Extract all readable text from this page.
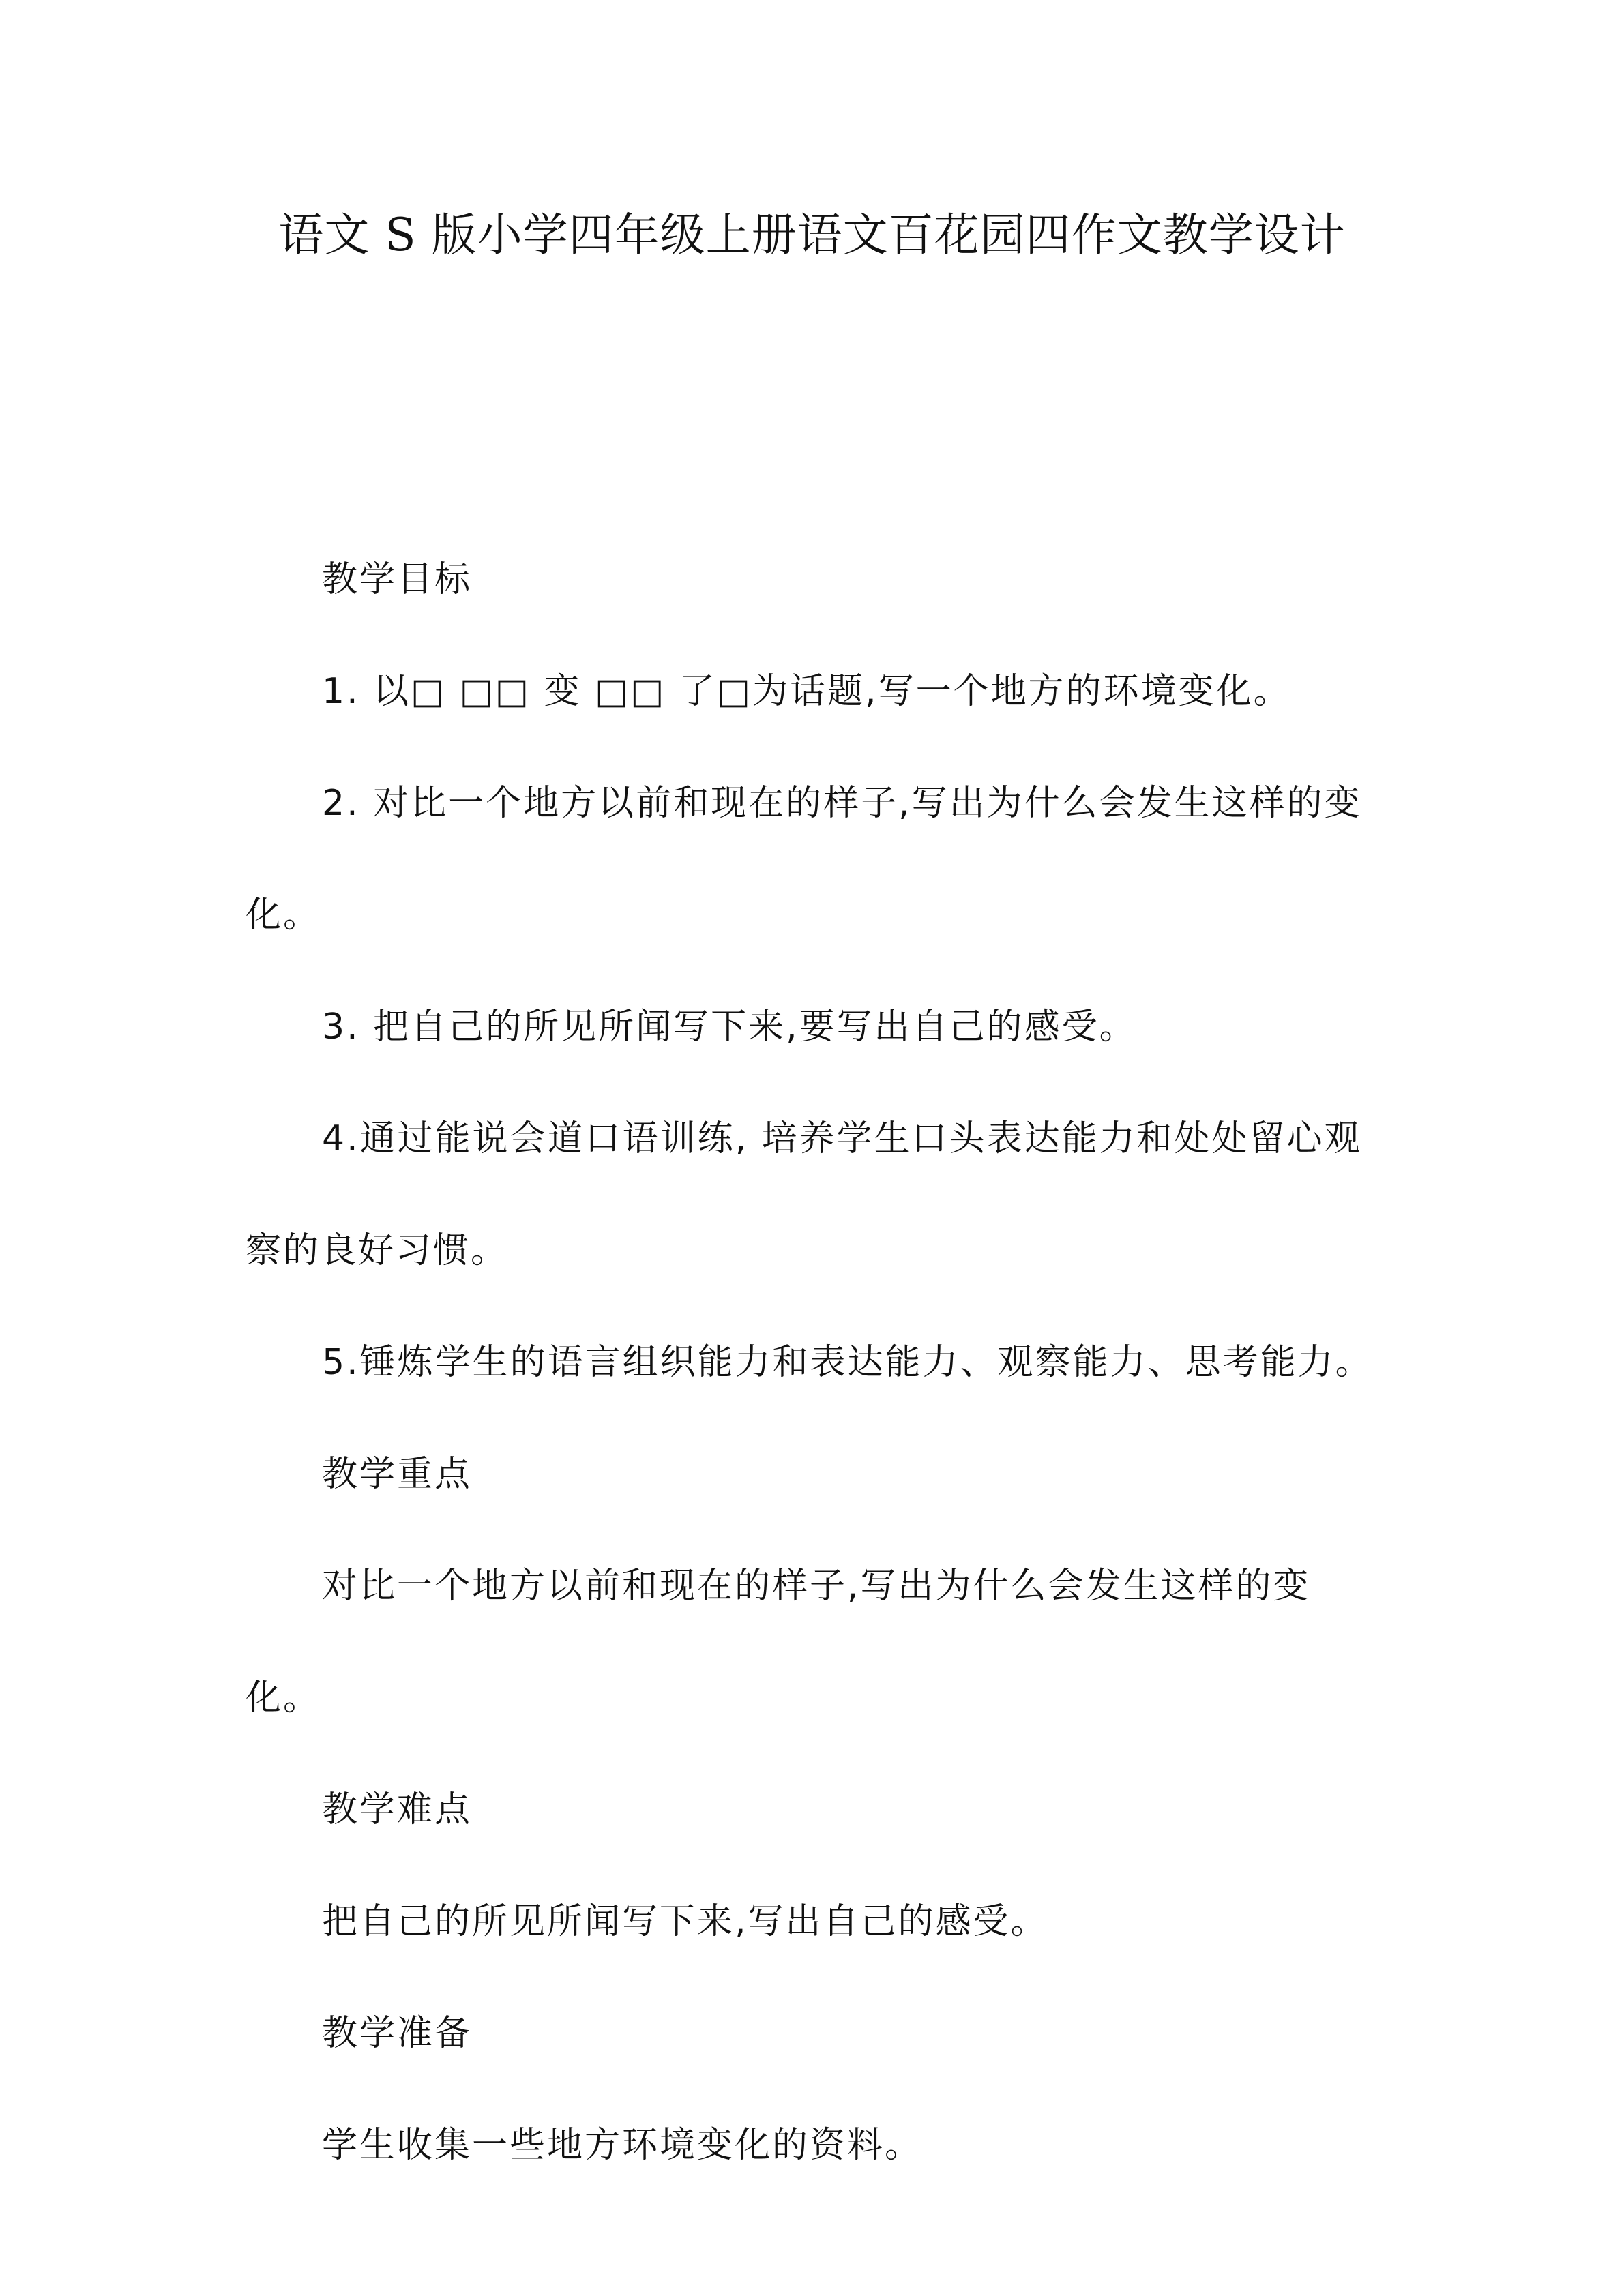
语文 S 版小学四年级上册语文百花园四作文教学设计

教学目标

1. 以□ □□ 变 □□ 了□为话题,写一个地方的环境变化。

2. 对比一个地方以前和现在的样子,写出为什么会发生这样的变化。

3. 把自己的所见所闻写下来,要写出自己的感受。

4.通过能说会道口语训练, 培养学生口头表达能力和处处留心观察的良好习惯。

5.锤炼学生的语言组织能力和表达能力、观察能力、思考能力。

教学重点

对比一个地方以前和现在的样子,写出为什么会发生这样的变化。

教学难点

把自己的所见所闻写下来,写出自己的感受。

教学准备

学生收集一些地方环境变化的资料。
